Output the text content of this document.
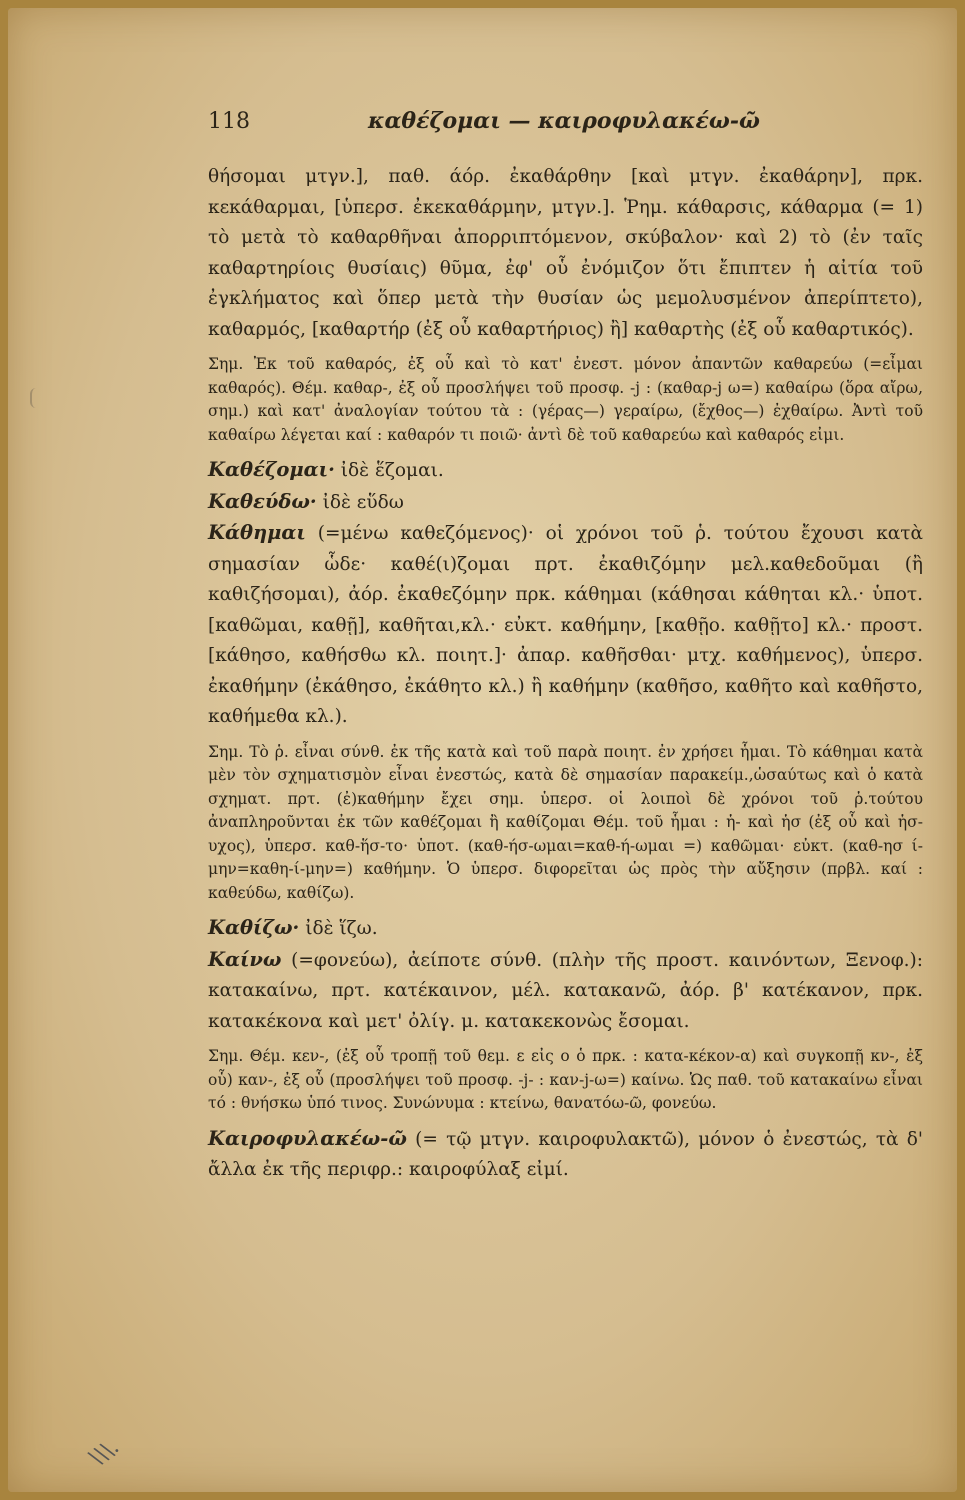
\\\.
118	καθέζομαι — καιροφυλακέω-ῶ

θήσομαι μτγν.], παθ. άόρ. ἐκαθάρθην [καὶ μτγν. ἐκαθάρην], πρκ. κεκάθαρμαι, [ὑπερσ. ἐκεκαθάρμην, μτγν.]. Ῥημ. κάθαρσις, κάθαρμα (= 1) τὸ μετὰ τὸ καθαρθῆναι ἀπορριπτόμενον, σκύβαλον· καὶ 2) τὸ (ἐν ταῖς καθαρτηρίοις θυσίαις) θῦμα, ἐφ' οὗ ἐνόμιζον ὅτι ἔπιπτεν ἡ αἰτία τοῦ ἐγκλήματος καὶ ὅπερ μετὰ τὴν θυσίαν ὡς μεμολυσμένον ἀπερίπτετο), καθαρμός, [καθαρτήρ (ἐξ οὗ καθαρτήριος) ἢ] καθαρτὴς (ἐξ οὗ καθαρτικός).

Σημ. Ἐκ τοῦ καθαρός, ἐξ οὗ καὶ τὸ κατ' ἐνεστ. μόνον ἀπαντῶν καθαρεύω (=εἶμαι καθαρός). Θέμ. καθαρ-, ἐξ οὗ προσλήψει τοῦ προσφ. -j : (καθαρ-j ω=) καθαίρω (ὅρα αἴρω, σημ.) καὶ κατ' ἀναλογίαν τούτου τὰ : (γέρας—) γεραίρω, (ἔχθος—) ἐχθαίρω. Ἀντὶ τοῦ καθαίρω λέγεται καί : καθαρόν τι ποιῶ· ἀντὶ δὲ τοῦ καθαρεύω καὶ καθαρός εἰμι.

Καθέζομαι· ἰδὲ ἕζομαι.

Καθεύδω· ἰδὲ εὕδω

Κάθημαι (=μένω καθεζόμενος)· οἱ χρόνοι τοῦ ῥ. τούτου ἔχουσι κατὰ σημασίαν ὧδε· καθέ(ι)ζομαι πρτ. ἐκαθιζόμην μελ.καθεδοῦμαι (ἢ καθιζήσομαι), ἀόρ. ἐκαθεζόμην πρκ. κάθημαι (κάθησαι κάθηται κλ.· ὑποτ. [καθῶμαι, καθῇ], καθῆται,κλ.· εὐκτ. καθήμην, [καθῇο. καθῇτο] κλ.· προστ. [κάθησο, καθήσθω κλ. ποιητ.]· ἀπαρ. καθῆσθαι· μτχ. καθήμενος), ὑπερσ. ἐκαθήμην (ἐκάθησο, ἐκάθητο κλ.) ἢ καθήμην (καθῆσο, καθῆτο καὶ καθῆστο, καθήμεθα κλ.).

Σημ. Τὸ ῥ. εἶναι σύνθ. ἐκ τῆς κατὰ καὶ τοῦ παρὰ ποιητ. ἐν χρήσει ἧμαι. Τὸ κάθημαι κατὰ μὲν τὸν σχηματισμὸν εἶναι ἐνεστώς, κατὰ δὲ σημασίαν παρακείμ.,ὡσαύτως καὶ ὁ κατὰ σχηματ. πρτ. (ἐ)καθήμην ἔχει σημ. ὑπερσ. οἱ λοιποὶ δὲ χρόνοι τοῦ ῥ.τούτου ἀναπληροῦνται ἐκ τῶν καθέζομαι ἢ καθίζομαι Θέμ. τοῦ ἧμαι : ἡ- καὶ ἡσ (ἐξ οὗ καὶ ἡσ-υχος), ὑπερσ. καθ-ἥσ-το· ὑποτ. (καθ-ήσ-ωμαι=καθ-ή-ωμαι =) καθῶμαι· εὐκτ. (καθ-ησ ί-μην=καθη-ί-μην=) καθήμην. Ὁ ὑπερσ. διφορεῖται ὡς πρὸς τὴν αὔξησιν (πρβλ. καί : καθεύδω, καθίζω).

Καθίζω· ἰδὲ ἵζω.

Καίνω (=φονεύω), ἀείποτε σύνθ. (πλὴν τῆς προστ. καινόντων, Ξενοφ.): κατακαίνω, πρτ. κατέκαινον, μέλ. κατακανῶ, ἀόρ. β' κατέκανον, πρκ. κατακέκονα καὶ μετ' ὀλίγ. μ. κατακεκονὼς ἔσομαι.

Σημ. Θέμ. κεν-, (ἐξ οὗ τροπῇ τοῦ θεμ. ε εἰς ο ὁ πρκ. : κατα-κέκον-α) καὶ συγκοπῇ κν-, ἐξ οὗ) καν-, ἐξ οὗ (προσλήψει τοῦ προσφ. -j- : καν-j-ω=) καίνω. Ὡς παθ. τοῦ κατακαίνω εἶναι τό : θνήσκω ὑπό τινος. Συνώνυμα : κτείνω, θανατόω-ῶ, φονεύω.

Καιροφυλακέω-ῶ (= τῷ μτγν. καιροφυλακτῶ), μόνον ὁ ἐνεστώς, τὰ δ' ἄλλα ἐκ τῆς περιφρ.: καιροφύλαξ εἰμί.
